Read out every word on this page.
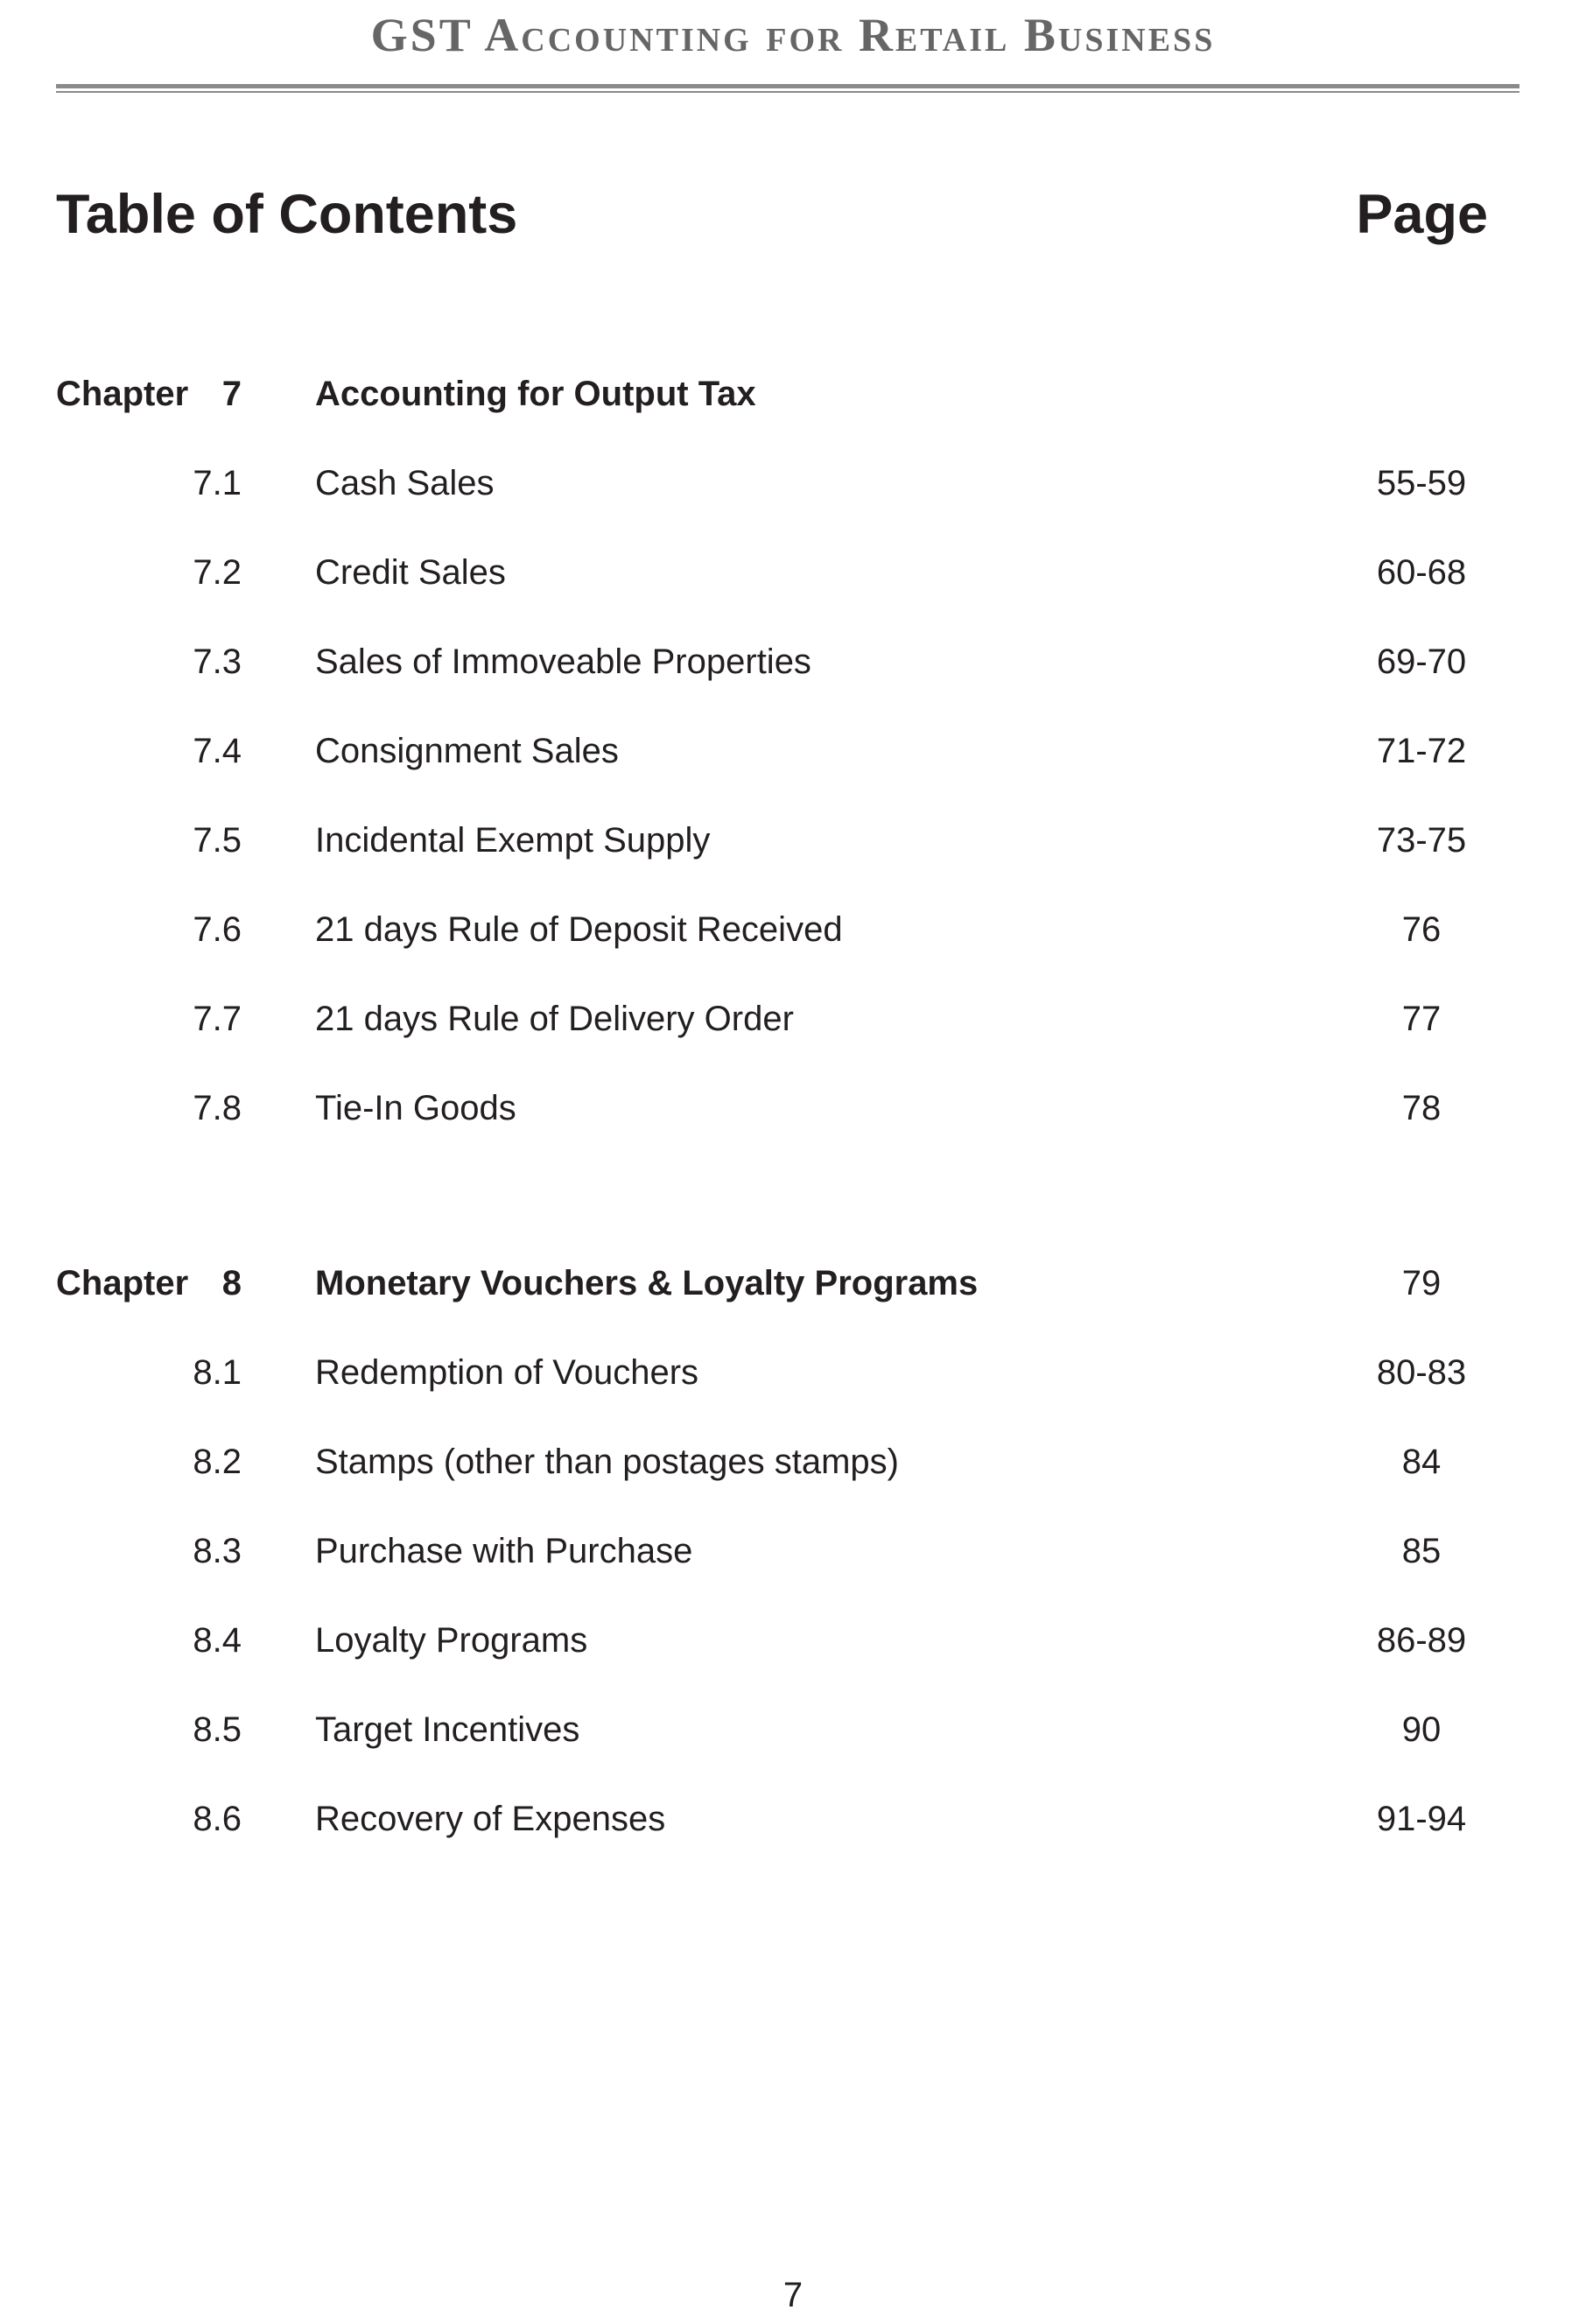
GST Accounting for Retail Business
Table of Contents	Page
Chapter 7 Accounting for Output Tax
7.1 Cash Sales	55-59
7.2 Credit Sales	60-68
7.3 Sales of Immoveable Properties	69-70
7.4 Consignment Sales	71-72
7.5 Incidental Exempt Supply	73-75
7.6 21 days Rule of Deposit Received	76
7.7 21 days Rule of Delivery Order	77
7.8 Tie-In Goods	78
Chapter 8 Monetary Vouchers & Loyalty Programs	79
8.1 Redemption of Vouchers	80-83
8.2 Stamps (other than postages stamps)	84
8.3 Purchase with Purchase	85
8.4 Loyalty Programs	86-89
8.5 Target Incentives	90
8.6 Recovery of Expenses	91-94
7
